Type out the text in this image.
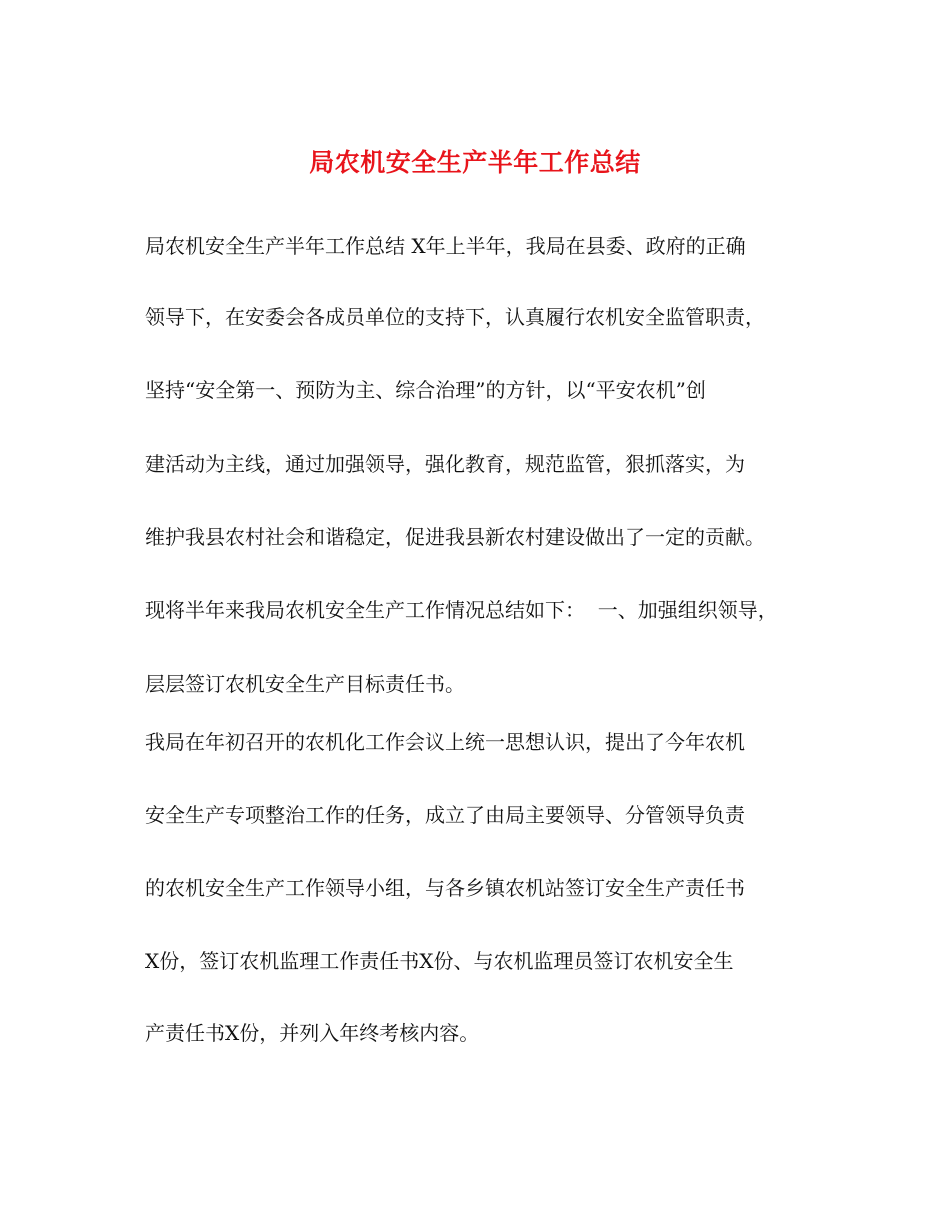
局农机安全生产半年工作总结
局农机安全生产半年工作总结 X年上半年，我局在县委、政府的正确
领导下，在安委会各成员单位的支持下，认真履行农机安全监管职责，
坚持“安全第一、预防为主、综合治理”的方针，以“平安农机”创
建活动为主线，通过加强领导，强化教育，规范监管，狠抓落实，为
维护我县农村社会和谐稳定，促进我县新农村建设做出了一定的贡献。
现将半年来我局农机安全生产工作情况总结如下：  一、加强组织领导，
层层签订农机安全生产目标责任书。
我局在年初召开的农机化工作会议上统一思想认识，提出了今年农机
安全生产专项整治工作的任务，成立了由局主要领导、分管领导负责
的农机安全生产工作领导小组，与各乡镇农机站签订安全生产责任书
X份，签订农机监理工作责任书X份、与农机监理员签订农机安全生
产责任书X份，并列入年终考核内容。
